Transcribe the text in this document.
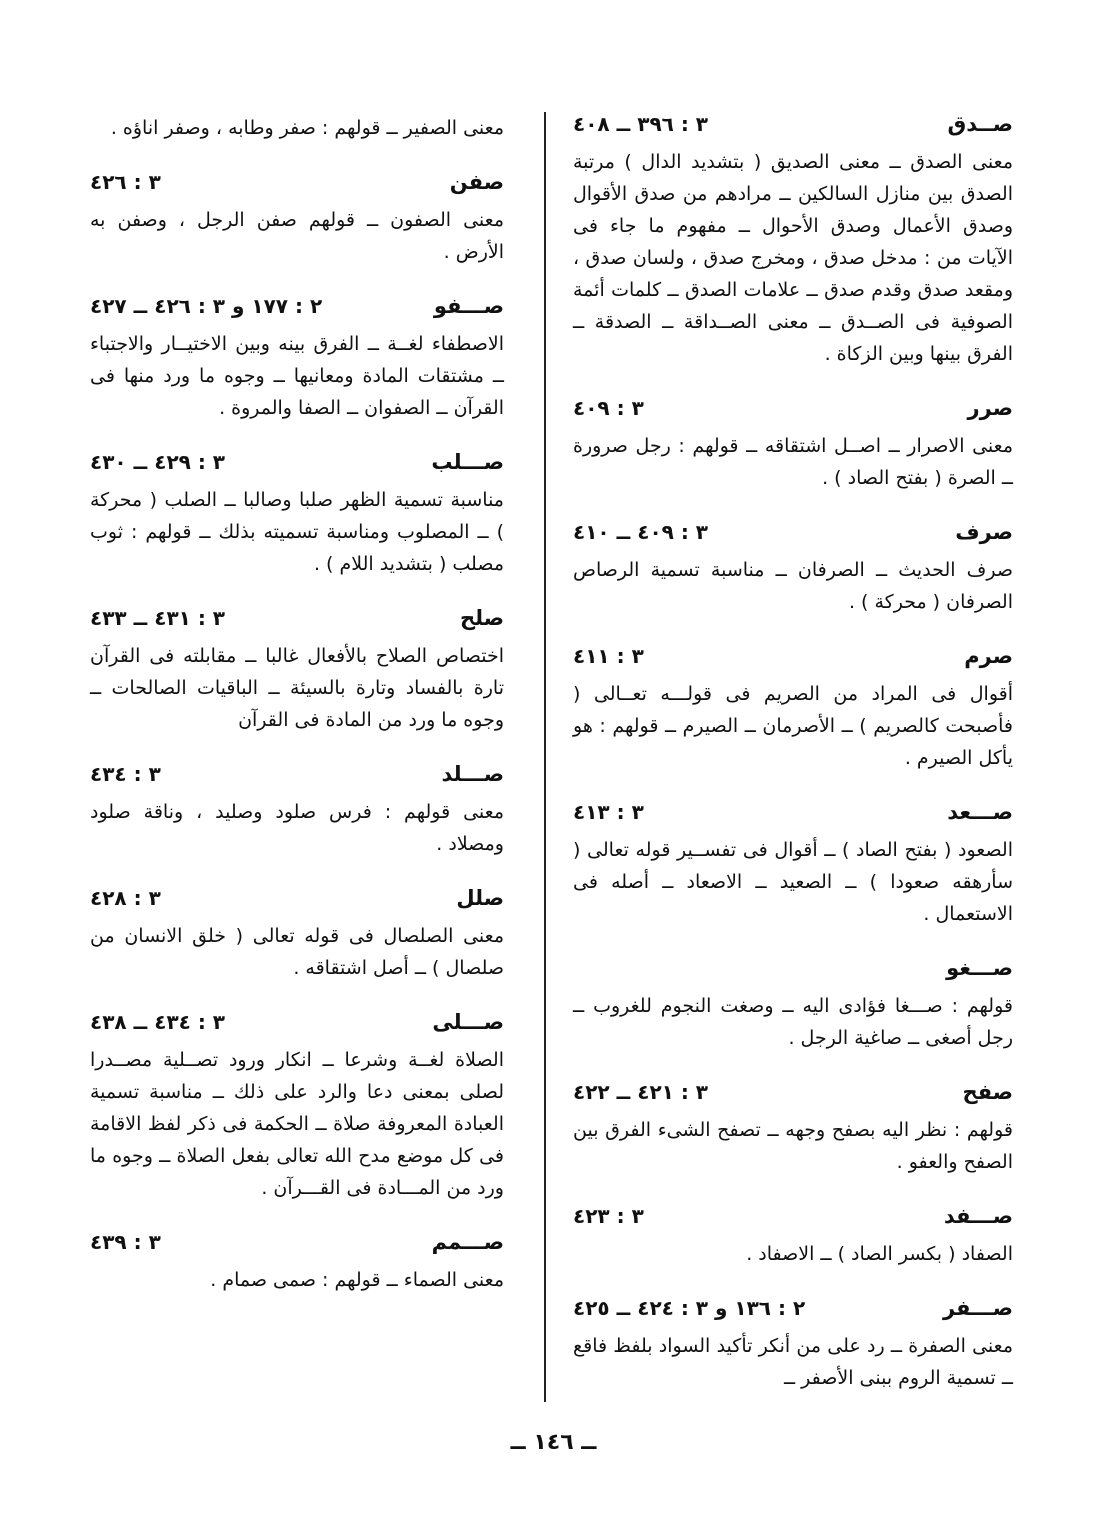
صــدق
٣ : ٣٩٦ ــ ٤٠٨
معنى الصدق ــ معنى الصديق ( بتشديد الدال ) مرتبة الصدق بين منازل السالكين ــ مرادهم من صدق الأقوال وصدق الأعمال وصدق الأحوال ــ مفهوم ما جاء فى الآيات من : مدخل صدق ، ومخرج صدق ، ولسان صدق ، ومقعد صدق وقدم صدق ــ علامات الصدق ــ كلمات أئمة الصوفية فى الصــدق ــ معنى الصــداقة ــ الصدقة ــ الفرق بينها وبين الزكاة .
صرر
٣ : ٤٠٩
معنى الاصرار ــ اصــل اشتقاقه ــ قولهم : رجل صرورة ــ الصرة ( بفتح الصاد ) .
صرف
٣ : ٤٠٩ ــ ٤١٠
صرف الحديث ــ الصرفان ــ مناسبة تسمية الرصاص الصرفان ( محركة ) .
صرم
٣ : ٤١١
أقوال فى المراد من الصريم فى قولـــه تعــالى ( فأصبحت كالصريم ) ــ الأصرمان ــ الصيرم ــ قولهم : هو يأكل الصيرم .
صـــعد
٣ : ٤١٣
الصعود ( بفتح الصاد ) ــ أقوال فى تفســير قوله تعالى ( سأرهقه صعودا ) ــ الصعيد ــ الاصعاد ــ أصله فى الاستعمال .
صـــغو
قولهم : صـــغا فؤادى اليه ــ وصغت النجوم للغروب ــ رجل أصغى ــ صاغية الرجل .
صفح
٣ : ٤٢١ ــ ٤٢٢
قولهم : نظر اليه بصفح وجهه ــ تصفح الشىء الفرق بين الصفح والعفو .
صـــفد
٣ : ٤٢٣
الصفاد ( بكسر الصاد ) ــ الاصفاد .
صـــفر
٢ : ١٣٦ و ٣ : ٤٢٤ ــ ٤٢٥
معنى الصفرة ــ رد على من أنكر تأكيد السواد بلفظ فاقع ــ تسمية الروم ببنى الأصفر ــ
معنى الصفير ــ قولهم : صفر وطابه ، وصفر اناؤه .
صفن
٣ : ٤٢٦
معنى الصفون ــ قولهم صفن الرجل ، وصفن به الأرض .
صـــفو
٢ : ١٧٧ و ٣ : ٤٢٦ ــ ٤٢٧
الاصطفاء لغــة ــ الفرق بينه وبين الاختيــار والاجتباء ــ مشتقات المادة ومعانيها ــ وجوه ما ورد منها فى القرآن ــ الصفوان ــ الصفا والمروة .
صـــلب
٣ : ٤٢٩ ــ ٤٣٠
مناسبة تسمية الظهر صلبا وصالبا ــ الصلب ( محركة ) ــ المصلوب ومناسبة تسميته بذلك ــ قولهم : ثوب مصلب ( بتشديد اللام ) .
صلح
٣ : ٤٣١ ــ ٤٣٣
اختصاص الصلاح بالأفعال غالبا ــ مقابلته فى القرآن تارة بالفساد وتارة بالسيئة ــ الباقيات الصالحات ــ وجوه ما ورد من المادة فى القرآن
صـــلد
٣ : ٤٣٤
معنى قولهم : فرس صلود وصليد ، وناقة صلود ومصلاد .
صلل
٣ : ٤٢٨
معنى الصلصال فى قوله تعالى ( خلق الانسان من صلصال ) ــ أصل اشتقاقه .
صـــلى
٣ : ٤٣٤ ــ ٤٣٨
الصلاة لغــة وشرعا ــ انكار ورود تصــلية مصــدرا لصلى بمعنى دعا والرد على ذلك ــ مناسبة تسمية العبادة المعروفة صلاة ــ الحكمة فى ذكر لفظ الاقامة فى كل موضع مدح الله تعالى بفعل الصلاة ــ وجوه ما ورد من المـــادة فى القـــرآن .
صـــمم
٣ : ٤٣٩
معنى الصماء ــ قولهم : صمى صمام .
ــ ١٤٦ ــ
